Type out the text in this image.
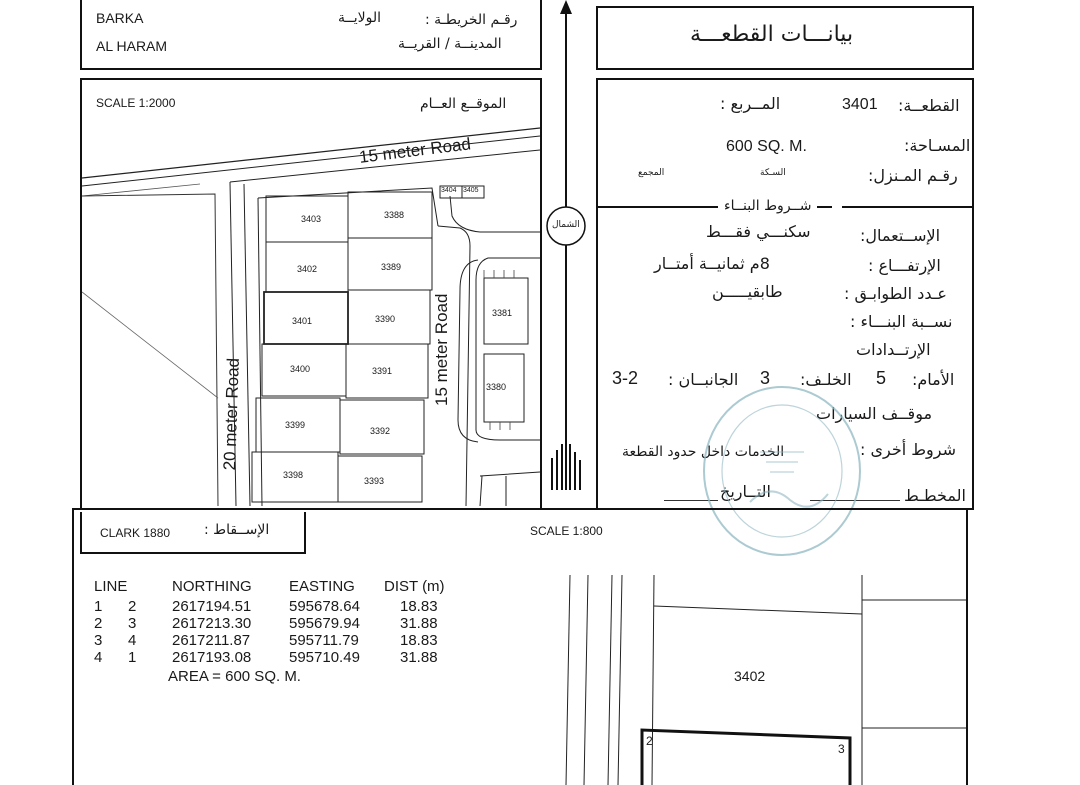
BARKA
AL HARAM
الولايــة	رقـم الخريطـة :
المدينــة / القريــة	بيانـــات القطعـــة
SCALE 1:2000	الموقــع العــام
15 meter Road
15 meter Road
20 meter Road
3403	3388
3402	3389
3401	3390
3400	3391
3399
3392
3398
3393
3381
3380
3404 3405
الشمال
القطعــة:
3401
المــربع :
المسـاحة:
600 SQ. M.
رقـم المـنزل:
السـكة
المجمع
شــروط البنــاء
الإســتعمال:
سكنـــي فقـــط
الإرتفـــاع :
8م ثمانيــة أمتــار
عـدد الطوابـق :
طابقيـــــن
نســبة البنـــاء :
الإرتــدادات
الأمام:
5
الخلـف:
3
الجانبــان :
3-2
موقــف السيارات
شروط أخرى :
الخدمات داخل حدود القطعة
المخطـط
التــاريخ
CLARK 1880 الإســقاط :	SCALE 1:800
LINE	NORTHING EASTING DIST (m)
1 2 2617194.51	595678.64	18.83
2 3 2617213.30	595679.94	31.88
3 4 2617211.87	595711.79	18.83
4 1 2617193.08	595710.49	31.88
AREA = 600 SQ. M.	3402
2
3
